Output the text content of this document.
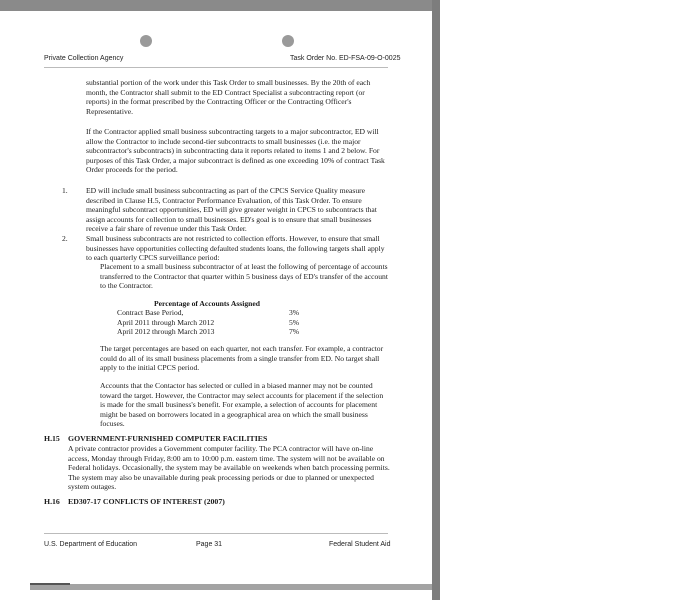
Private Collection Agency	Task Order No. ED-FSA-09-O-0025

substantial portion of the work under this Task Order to small businesses. By the 20th of each month, the Contractor shall submit to the ED Contract Specialist a subcontracting report (or reports) in the format prescribed by the Contracting Officer or the Contracting Officer's Representative.

If the Contractor applied small business subcontracting targets to a major subcontractor, ED will allow the Contractor to include second-tier subcontracts to small businesses (i.e. the major subcontractor's subcontracts) in subcontracting data it reports related to items 1 and 2 below. For purposes of this Task Order, a major subcontract is defined as one exceeding 10% of contract Task Order proceeds for the period.

1. ED will include small business subcontracting as part of the CPCS Service Quality measure described in Clause H.5, Contractor Performance Evaluation, of this Task Order. To ensure meaningful subcontract opportunities, ED will give greater weight in CPCS to subcontracts that assign accounts for collection to small businesses. ED's goal is to ensure that small businesses receive a fair share of revenue under this Task Order.

2. Small business subcontracts are not restricted to collection efforts. However, to ensure that small businesses have opportunities collecting defaulted students loans, the following targets shall apply to each quarterly CPCS surveillance period:

Placement to a small business subcontractor of at least the following of percentage of accounts transferred to the Contractor that quarter within 5 business days of ED's transfer of the account to the Contractor.

Percentage of Accounts Assigned
Contract Base Period,	3%
April 2011 through March 2012	5%
April 2012 through March 2013	7%

The target percentages are based on each quarter, not each transfer. For example, a contractor could do all of its small business placements from a single transfer from ED. No target shall apply to the initial CPCS period.

Accounts that the Contactor has selected or culled in a biased manner may not be counted toward the target. However, the Contractor may select accounts for placement if the selection is made for the small business's benefit. For example, a selection of accounts for placement might be based on borrowers located in a geographical area on which the small business focuses.

H.15 GOVERNMENT-FURNISHED COMPUTER FACILITIES

A private contractor provides a Government computer facility. The PCA contractor will have on-line access, Monday through Friday, 8:00 am to 10:00 p.m. eastern time. The system will not be available on Federal holidays. Occasionally, the system may be available on weekends when batch processing permits. The system may also be unavailable during peak processing periods or due to planned or unexpected system outages.

H.16 ED307-17 CONFLICTS OF INTEREST (2007)
U.S. Department of Education	Page 31	Federal Student Aid
